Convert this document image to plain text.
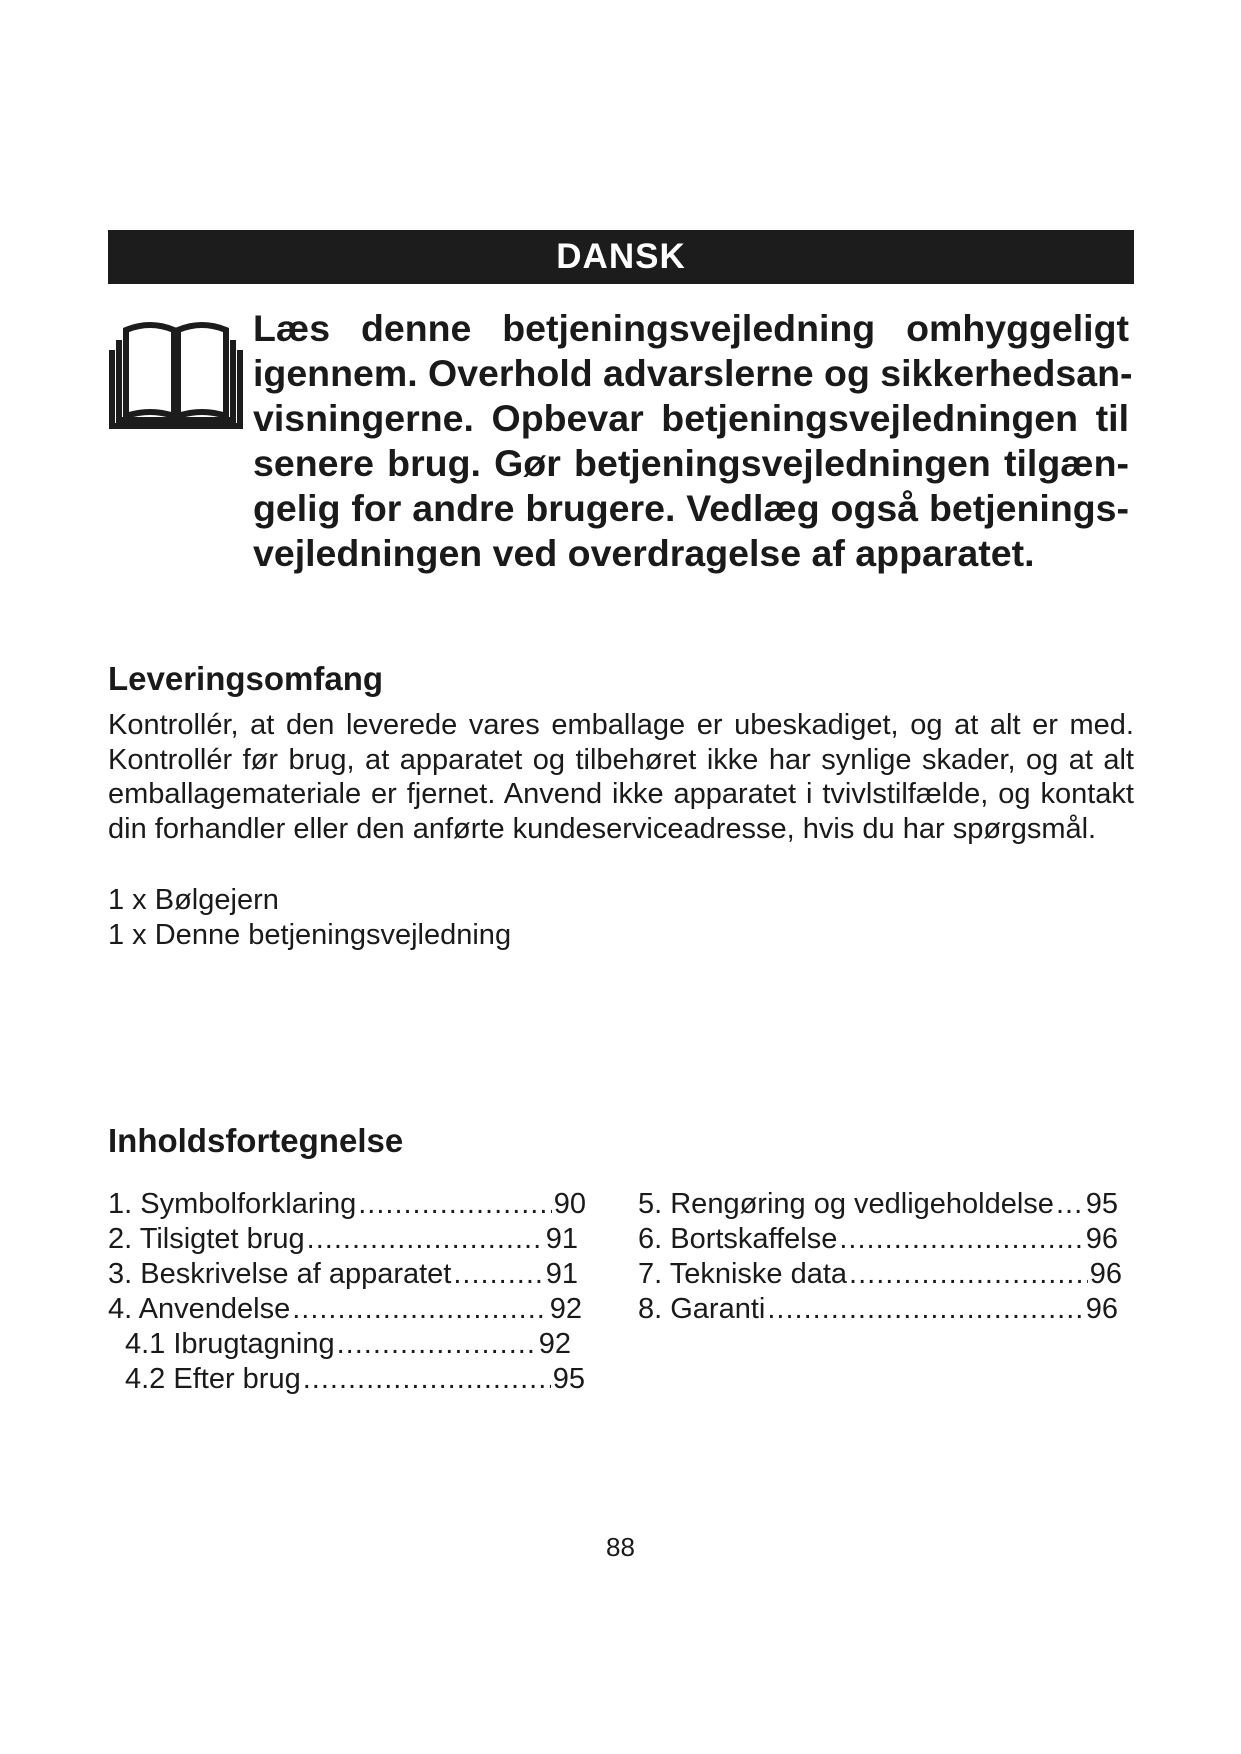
DANSK
Læs denne betjeningsvejledning omhyggeligt
igennem. Overhold advarslerne og sikkerhedsan-
visningerne. Opbevar betjeningsvejledningen til
senere brug. Gør betjeningsvejledningen tilgæn-
gelig for andre brugere. Vedlæg også betjenings-
vejledningen ved overdragelse af apparatet.
Leveringsomfang
Kontrollér, at den leverede vares emballage er ubeskadiget, og at alt er med.
Kontrollér før brug, at apparatet og tilbehøret ikke har synlige skader, og at alt
emballagemateriale er fjernet. Anvend ikke apparatet i tvivlstilfælde, og kontakt
din forhandler eller den anførte kundeserviceadresse, hvis du har spørgsmål.
1 x Bølgejern
1 x Denne betjeningsvejledning
Inholdsfortegnelse
1. Symbolforklaring .....	90
2. Tilsigtet brug .....	91
3. Beskrivelse af apparatet .....	91
4. Anvendelse .....	92
4.1 Ibrugtagning .....	92
4.2 Efter brug .....	95
5. Rengøring og vedligeholdelse ..... 95
6. Bortskaffelse .....	96
7. Tekniske data .....	96
8. Garanti .....	96
88
